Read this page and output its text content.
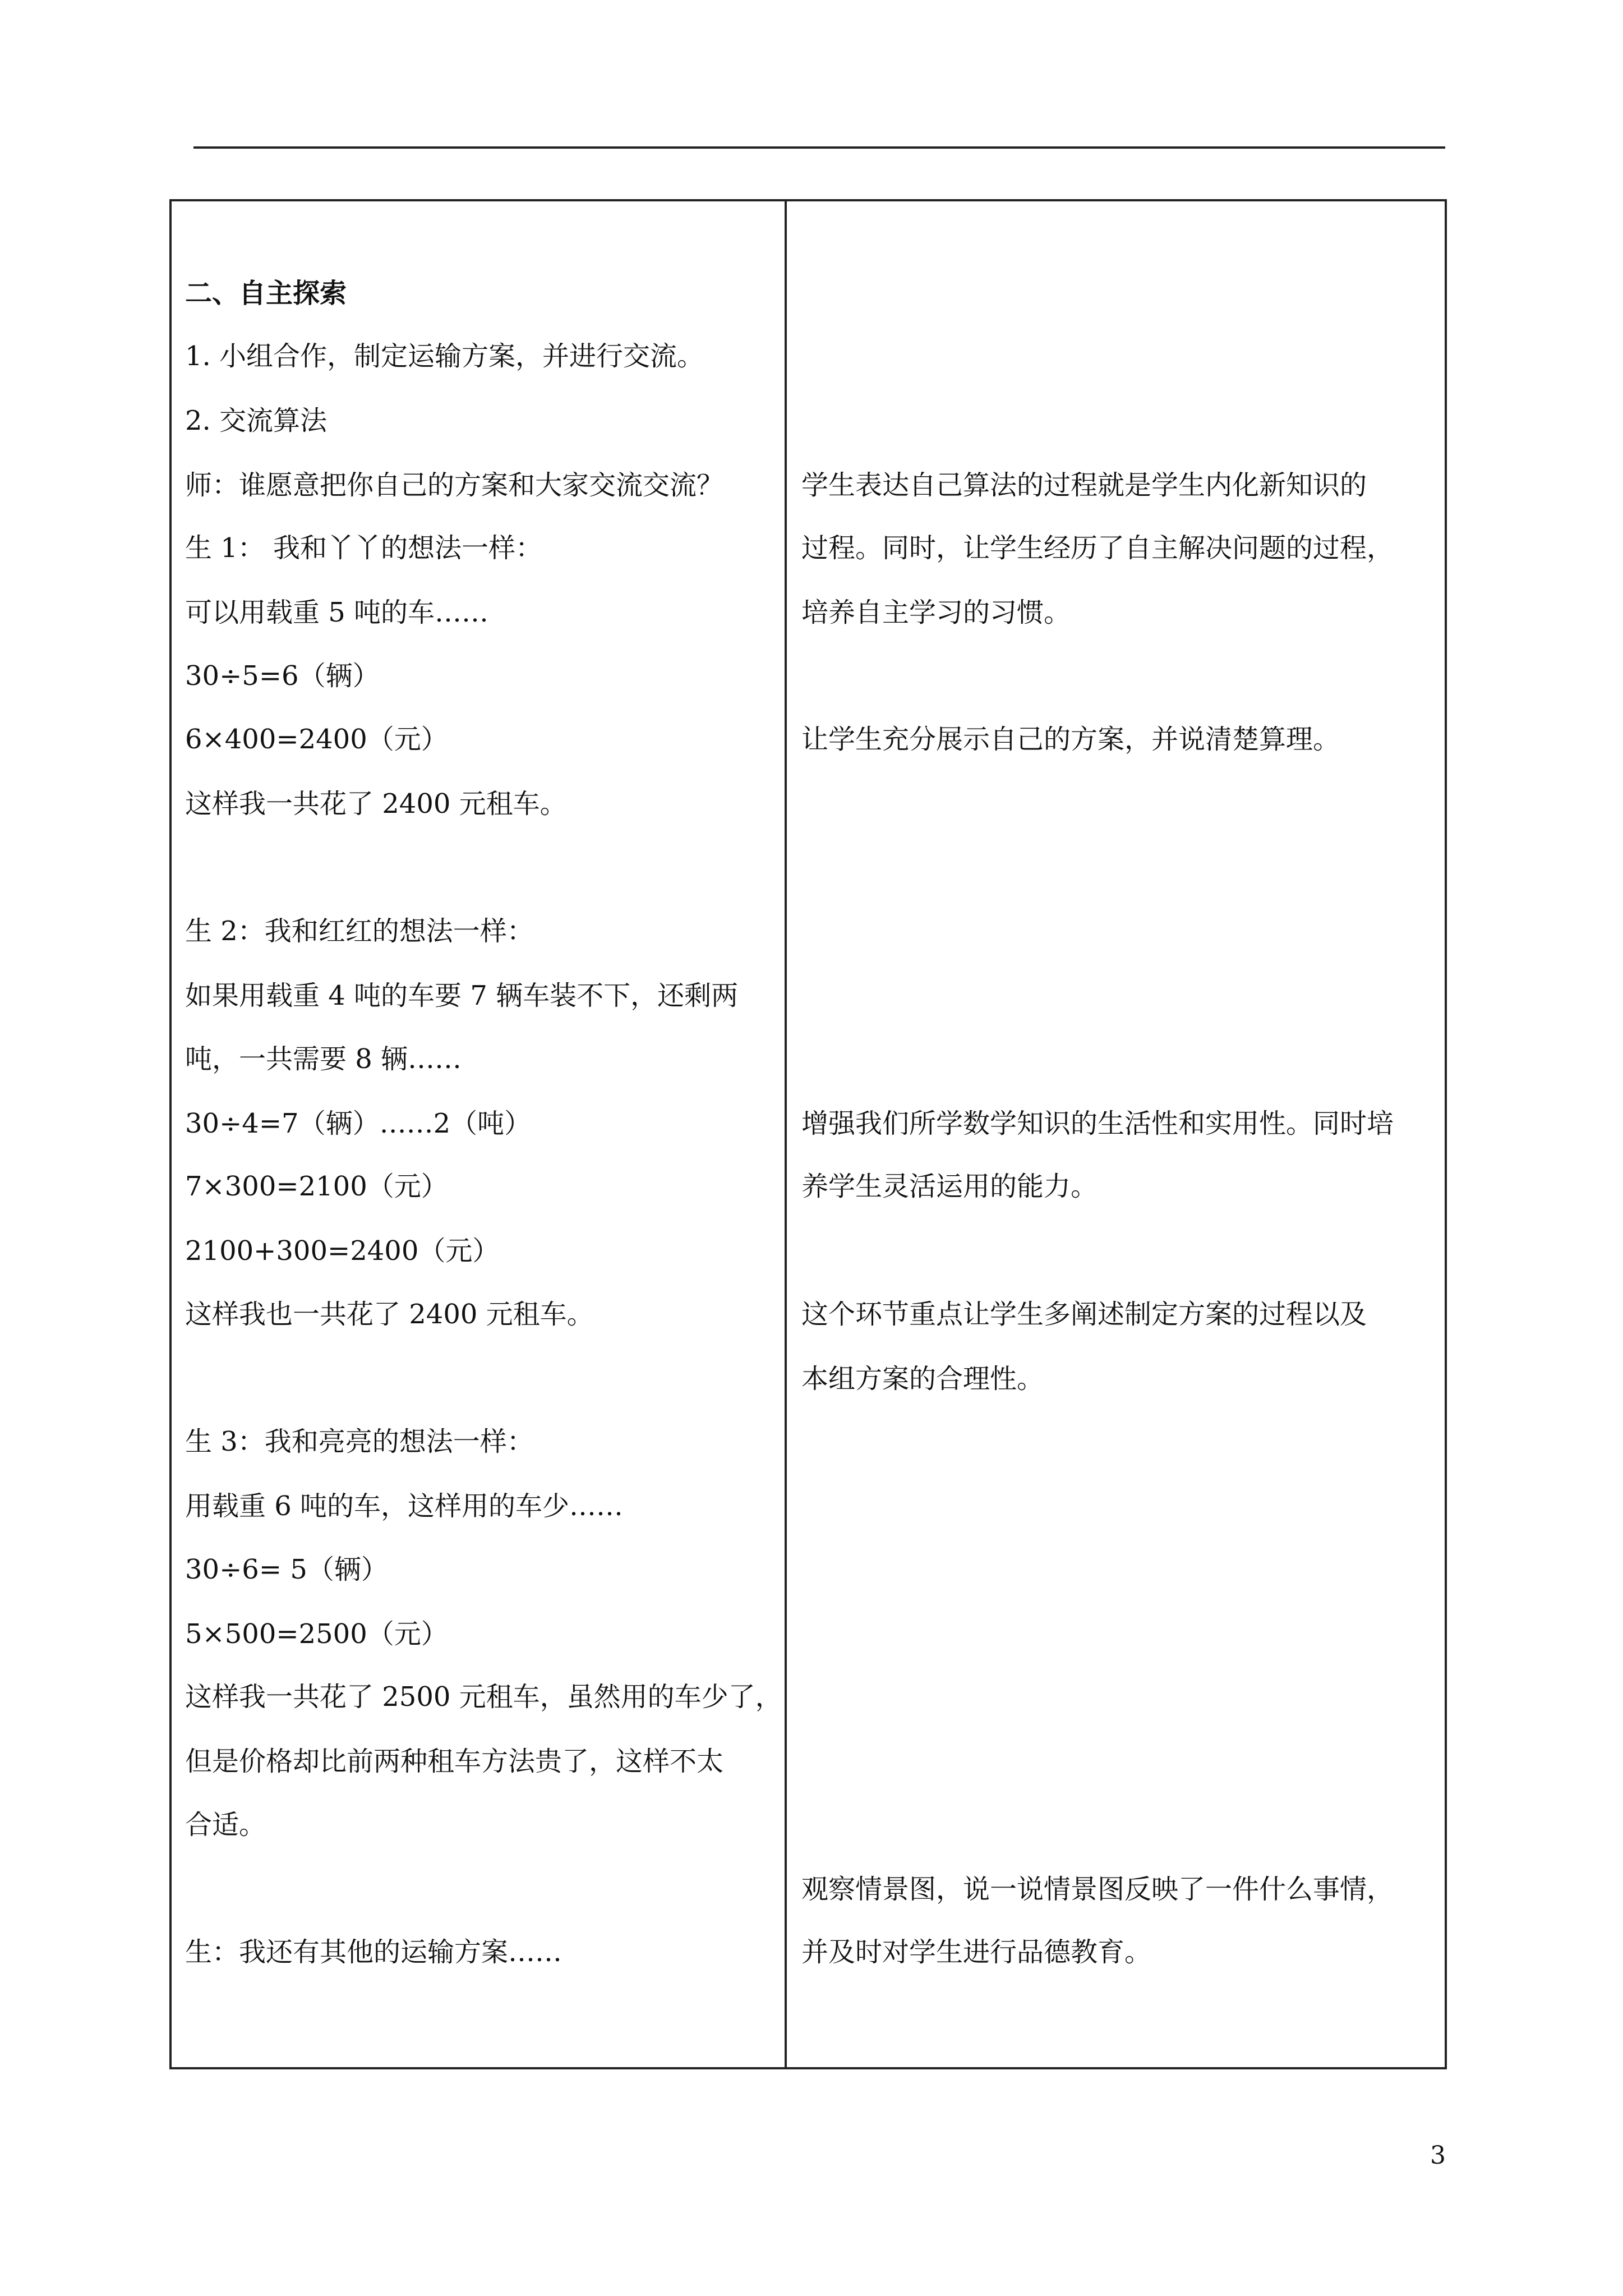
二、自主探索
1. 小组合作，制定运输方案，并进行交流。
2. 交流算法
师：谁愿意把你自己的方案和大家交流交流？
生 1： 我和丫丫的想法一样：
可以用载重 5 吨的车……
30÷5=6（辆）
6×400=2400（元）
这样我一共花了 2400 元租车。
生 2：我和红红的想法一样：
如果用载重 4 吨的车要 7 辆车装不下，还剩两
吨，一共需要 8 辆……
30÷4=7（辆）……2（吨）
7×300=2100（元）
2100+300=2400（元）
这样我也一共花了 2400 元租车。
生 3：我和亮亮的想法一样：
用载重 6 吨的车，这样用的车少……
30÷6= 5（辆）
5×500=2500（元）
这样我一共花了 2500 元租车，虽然用的车少了，
但是价格却比前两种租车方法贵了，这样不太
合适。
生：我还有其他的运输方案……
学生表达自己算法的过程就是学生内化新知识的
过程。同时，让学生经历了自主解决问题的过程，
培养自主学习的习惯。
让学生充分展示自己的方案，并说清楚算理。
增强我们所学数学知识的生活性和实用性。同时培
养学生灵活运用的能力。
这个环节重点让学生多阐述制定方案的过程以及
本组方案的合理性。
观察情景图，说一说情景图反映了一件什么事情，
并及时对学生进行品德教育。
3
